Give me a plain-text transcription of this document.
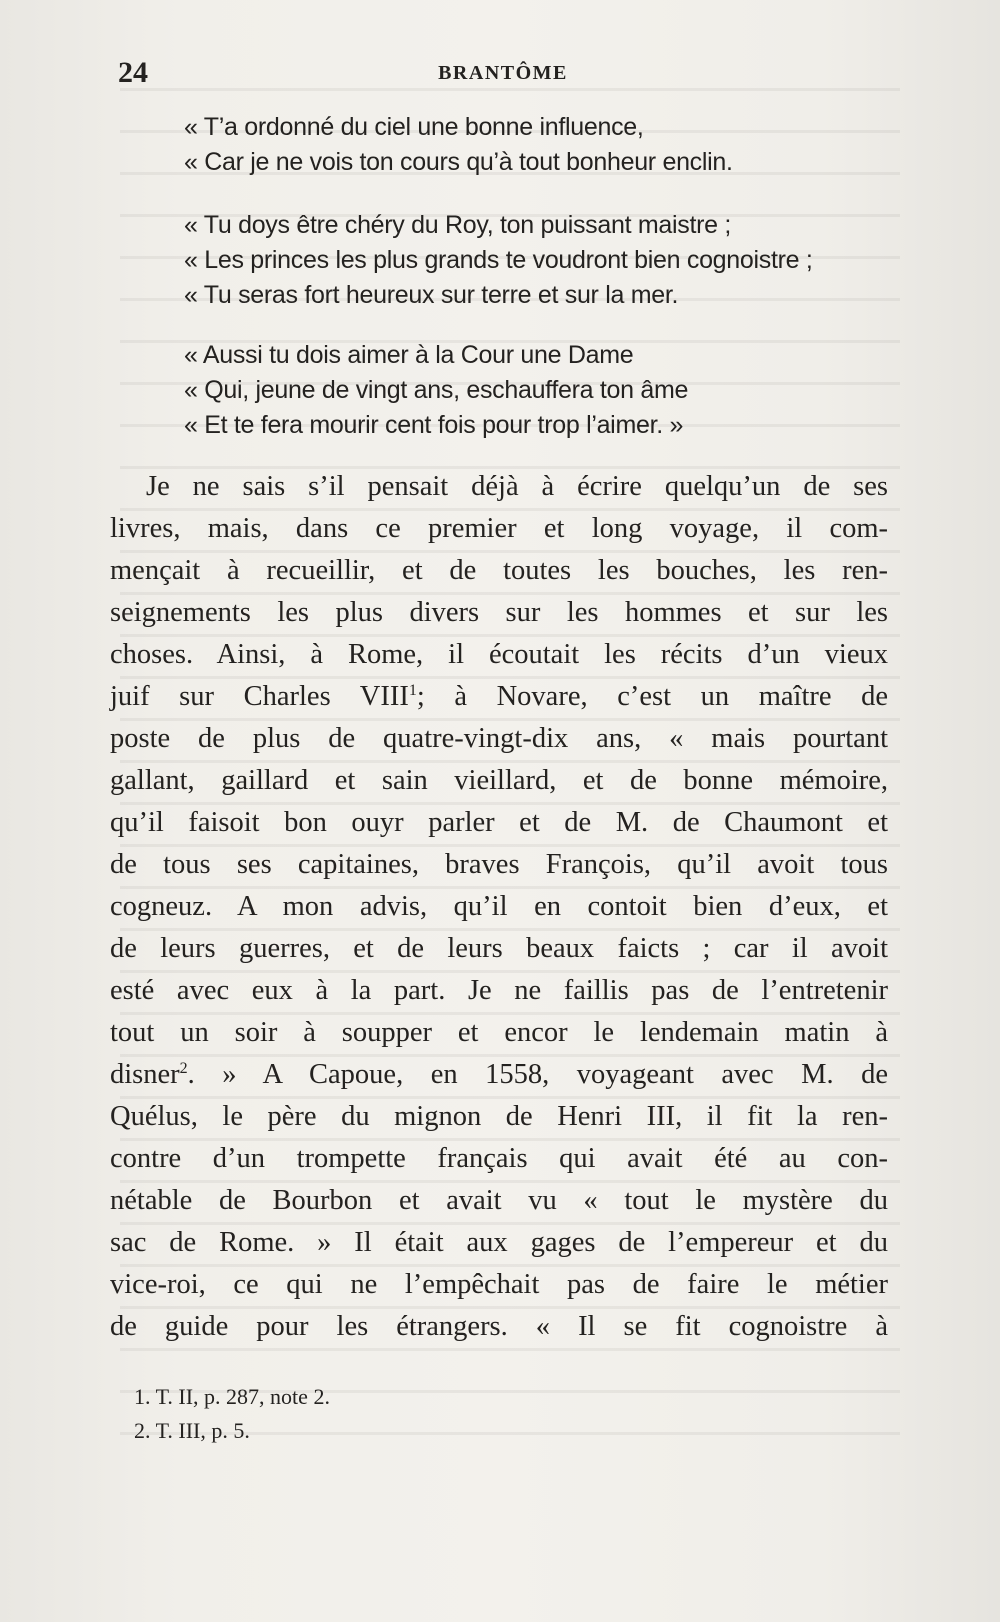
24	BRANTÔME
« T’a ordonné du ciel une bonne influence,
« Car je ne vois ton cours qu’à tout bonheur enclin.
« Tu doys être chéry du Roy, ton puissant maistre ;
« Les princes les plus grands te voudront bien cognoistre ;
« Tu seras fort heureux sur terre et sur la mer.
« Aussi tu dois aimer à la Cour une Dame
« Qui, jeune de vingt ans, eschauffera ton âme
« Et te fera mourir cent fois pour trop l’aimer. »
Je ne sais s’il pensait déjà à écrire quelqu’un de ses
livres, mais, dans ce premier et long voyage, il com-
mençait à recueillir, et de toutes les bouches, les ren-
seignements les plus divers sur les hommes et sur les
choses. Ainsi, à Rome, il écoutait les récits d’un vieux
juif sur Charles VIII$^1$; à Novare, c’est un maître de
poste de plus de quatre-vingt-dix ans, « mais pourtant
gallant, gaillard et sain vieillard, et de bonne mémoire,
qu’il faisoit bon ouyr parler et de M. de Chaumont et
de tous ses capitaines, braves François, qu’il avoit tous
cogneuz. A mon advis, qu’il en contoit bien d’eux, et
de leurs guerres, et de leurs beaux faicts ; car il avoit
esté avec eux à la part. Je ne faillis pas de l’entretenir
tout un soir à soupper et encor le lendemain matin à
disner$^2$. » A Capoue, en 1558, voyageant avec M. de
Quélus, le père du mignon de Henri III, il fit la ren-
contre d’un trompette français qui avait été au con-
nétable de Bourbon et avait vu « tout le mystère du
sac de Rome. » Il était aux gages de l’empereur et du
vice-roi, ce qui ne l’empêchait pas de faire le métier
de guide pour les étrangers. « Il se fit cognoistre à
1. T. II, p. 287, note 2.
2. T. III, p. 5.
